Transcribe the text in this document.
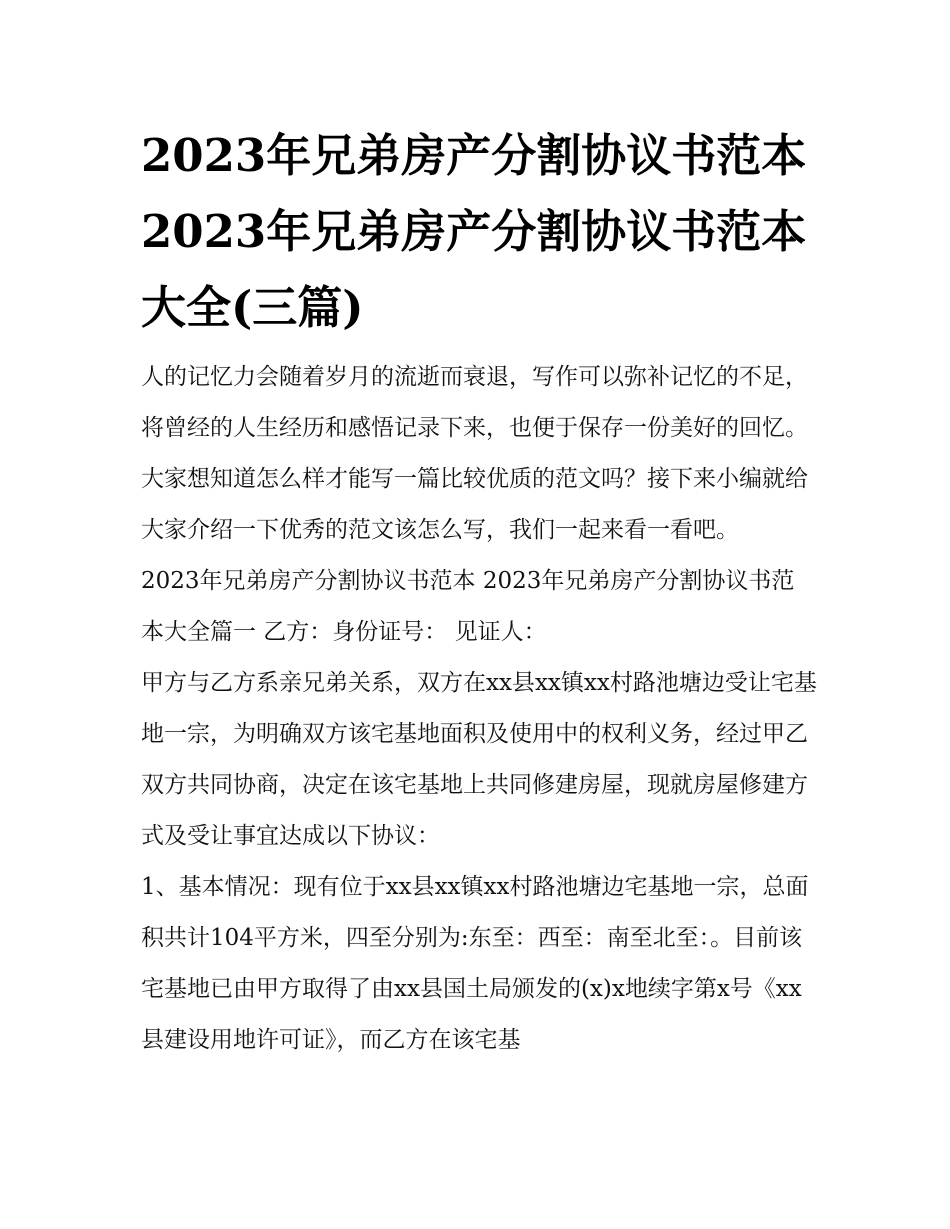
2023年兄弟房产分割协议书范本 2023年兄弟房产分割协议书范本大全(三篇)

人的记忆力会随着岁月的流逝而衰退，写作可以弥补记忆的不足，将曾经的人生经历和感悟记录下来，也便于保存一份美好的回忆。大家想知道怎么样才能写一篇比较优质的范文吗？接下来小编就给大家介绍一下优秀的范文该怎么写，我们一起来看一看吧。

2023年兄弟房产分割协议书范本 2023年兄弟房产分割协议书范本大全篇一 乙方：身份证号： 见证人：

甲方与乙方系亲兄弟关系，双方在xx县xx镇xx村路池塘边受让宅基地一宗，为明确双方该宅基地面积及使用中的权利义务，经过甲乙双方共同协商，决定在该宅基地上共同修建房屋，现就房屋修建方式及受让事宜达成以下协议：

1、基本情况：现有位于xx县xx镇xx村路池塘边宅基地一宗，总面积共计104平方米，四至分别为:东至：西至：南至北至：。目前该宅基地已由甲方取得了由xx县国土局颁发的(x)x地续字第x号《xx县建设用地许可证》，而乙方在该宅基
